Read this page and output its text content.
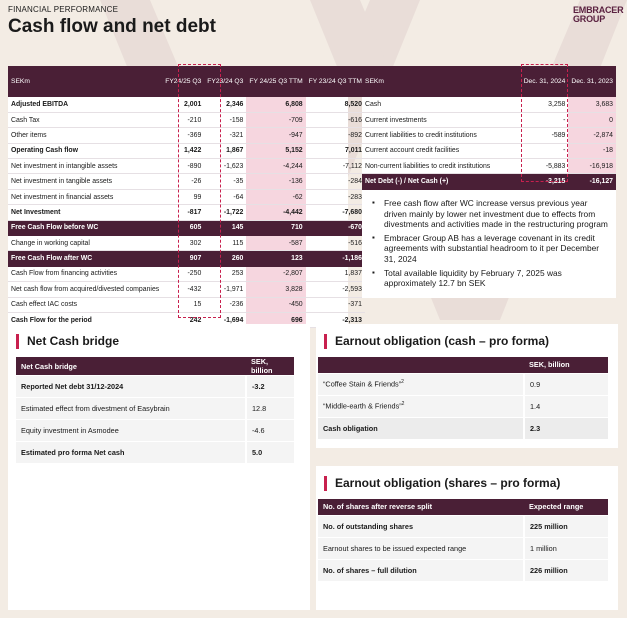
FINANCIAL PERFORMANCE
Cash flow and net debt
EMBRACER
GROUP
SEKm	FY24/25 Q3	FY23/24 Q3	FY 24/25 Q3 TTM	FY 23/24 Q3 TTM
Adjusted EBITDA	2,001	2,346	6,808	8,520
Cash Tax	-210	-158	-709	-616
Other items	-369	-321	-947	-892
Operating Cash flow	1,422	1,867	5,152	7,011
Net investment in intangible assets	-890	-1,623	-4,244	-7,112
Net investment in tangible assets	-26	-35	-136	-284
Net investment in financial assets	99	-64	-62	-283
Net Investment	-817	-1,722	-4,442	-7,680
Free Cash Flow before WC	605	145	710	-670
Change in working capital	302	115	-587	-516
Free Cash Flow after WC	907	260	123	-1,186
Cash Flow from financing activities	-250	253	-2,807	1,837
Net cash flow from acquired/divested companies	-432	-1,971	3,828	-2,593
Cash effect IAC costs	15	-236	-450	-371
Cash Flow for the period	242	-1,694	696	-2,313
SEKm	Dec. 31, 2024	Dec. 31, 2023
Cash	3,258	3,683
Current investments	-	0
Current liabilities to credit institutions	-589	-2,874
Current account credit facilities	-	-18
Non-current liabilities to credit institutions	-5,883	-16,918
Net Debt (-) / Net Cash (+)	-3,215	-16,127
▪ Free cash flow after WC increase versus previous year driven mainly by lower net investment due to effects from divestments and activities made in the restructuring program
▪ Embracer Group AB has a leverage covenant in its credit agreements with substantial headroom to it per December 31, 2024
▪ Total available liquidity by February 7, 2025 was approximately 12.7 bn SEK
Net Cash bridge
Net Cash bridge	SEK, billion
Reported Net debt 31/12-2024	-3.2
Estimated effect from divestment of Easybrain	12.8
Equity investment in Asmodee	-4.6
Estimated pro forma Net cash	5.0
Earnout obligation (cash – pro forma)
	SEK, billion
“Coffee Stain & Friends”$^2$	0.9
“Middle-earth & Friends”$^2$	1.4
Cash obligation	2.3
Earnout obligation (shares – pro forma)
No. of shares after reverse split	Expected range
No. of outstanding shares	225 million
Earnout shares to be issued expected range	1 million
No. of shares – full dilution	226 million
